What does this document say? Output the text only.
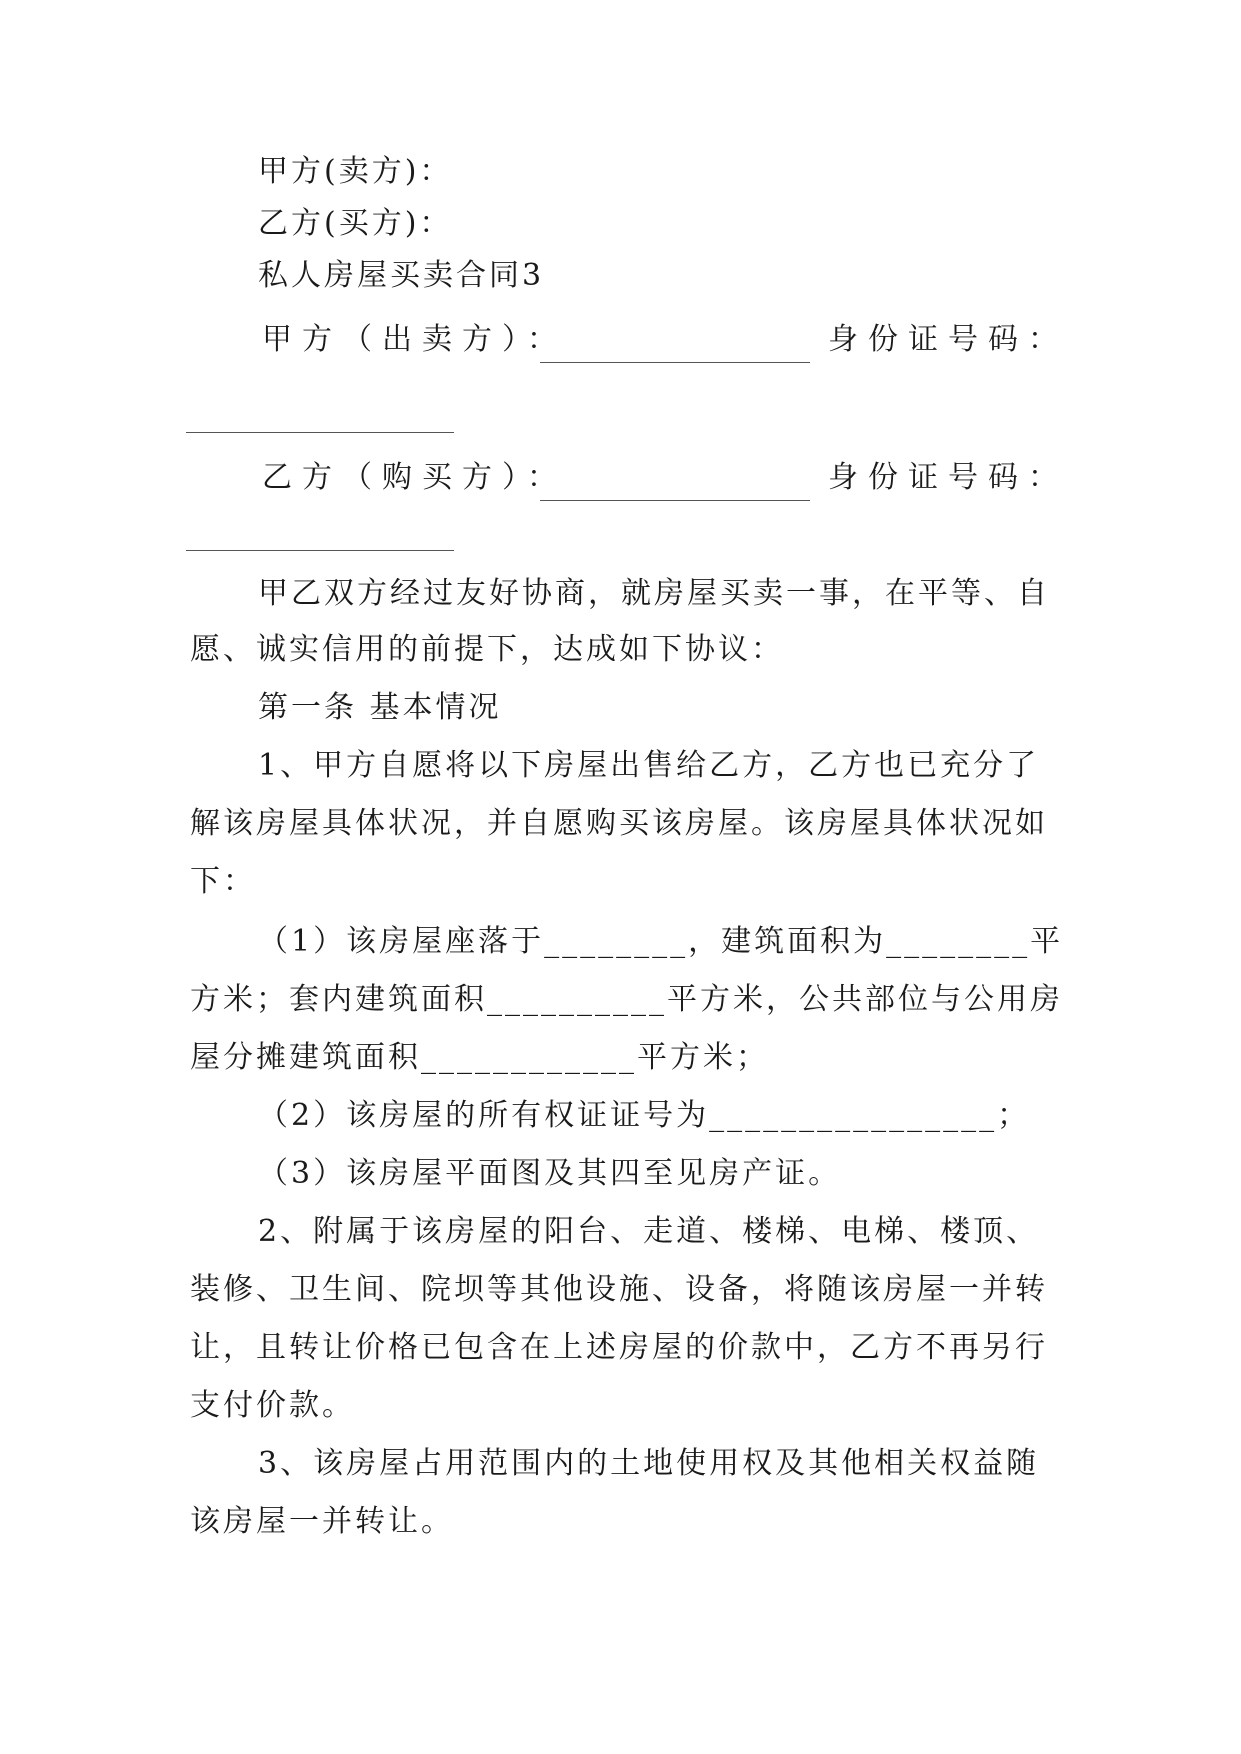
甲方(卖方)：
乙方(买方)：
私人房屋买卖合同3
甲方（出卖方）：	身份证号码：
乙方（购买方）：	身份证号码：
甲乙双方经过友好协商，就房屋买卖一事，在平等、自
愿、诚实信用的前提下，达成如下协议：
第一条 基本情况
1、甲方自愿将以下房屋出售给乙方，乙方也已充分了
解该房屋具体状况，并自愿购买该房屋。该房屋具体状况如
下：
（1）该房屋座落于________，建筑面积为________平
方米；套内建筑面积__________平方米，公共部位与公用房
屋分摊建筑面积____________平方米；
（2）该房屋的所有权证证号为________________；
（3）该房屋平面图及其四至见房产证。
2、附属于该房屋的阳台、走道、楼梯、电梯、楼顶、
装修、卫生间、院坝等其他设施、设备，将随该房屋一并转
让，且转让价格已包含在上述房屋的价款中，乙方不再另行
支付价款。
3、该房屋占用范围内的土地使用权及其他相关权益随
该房屋一并转让。
